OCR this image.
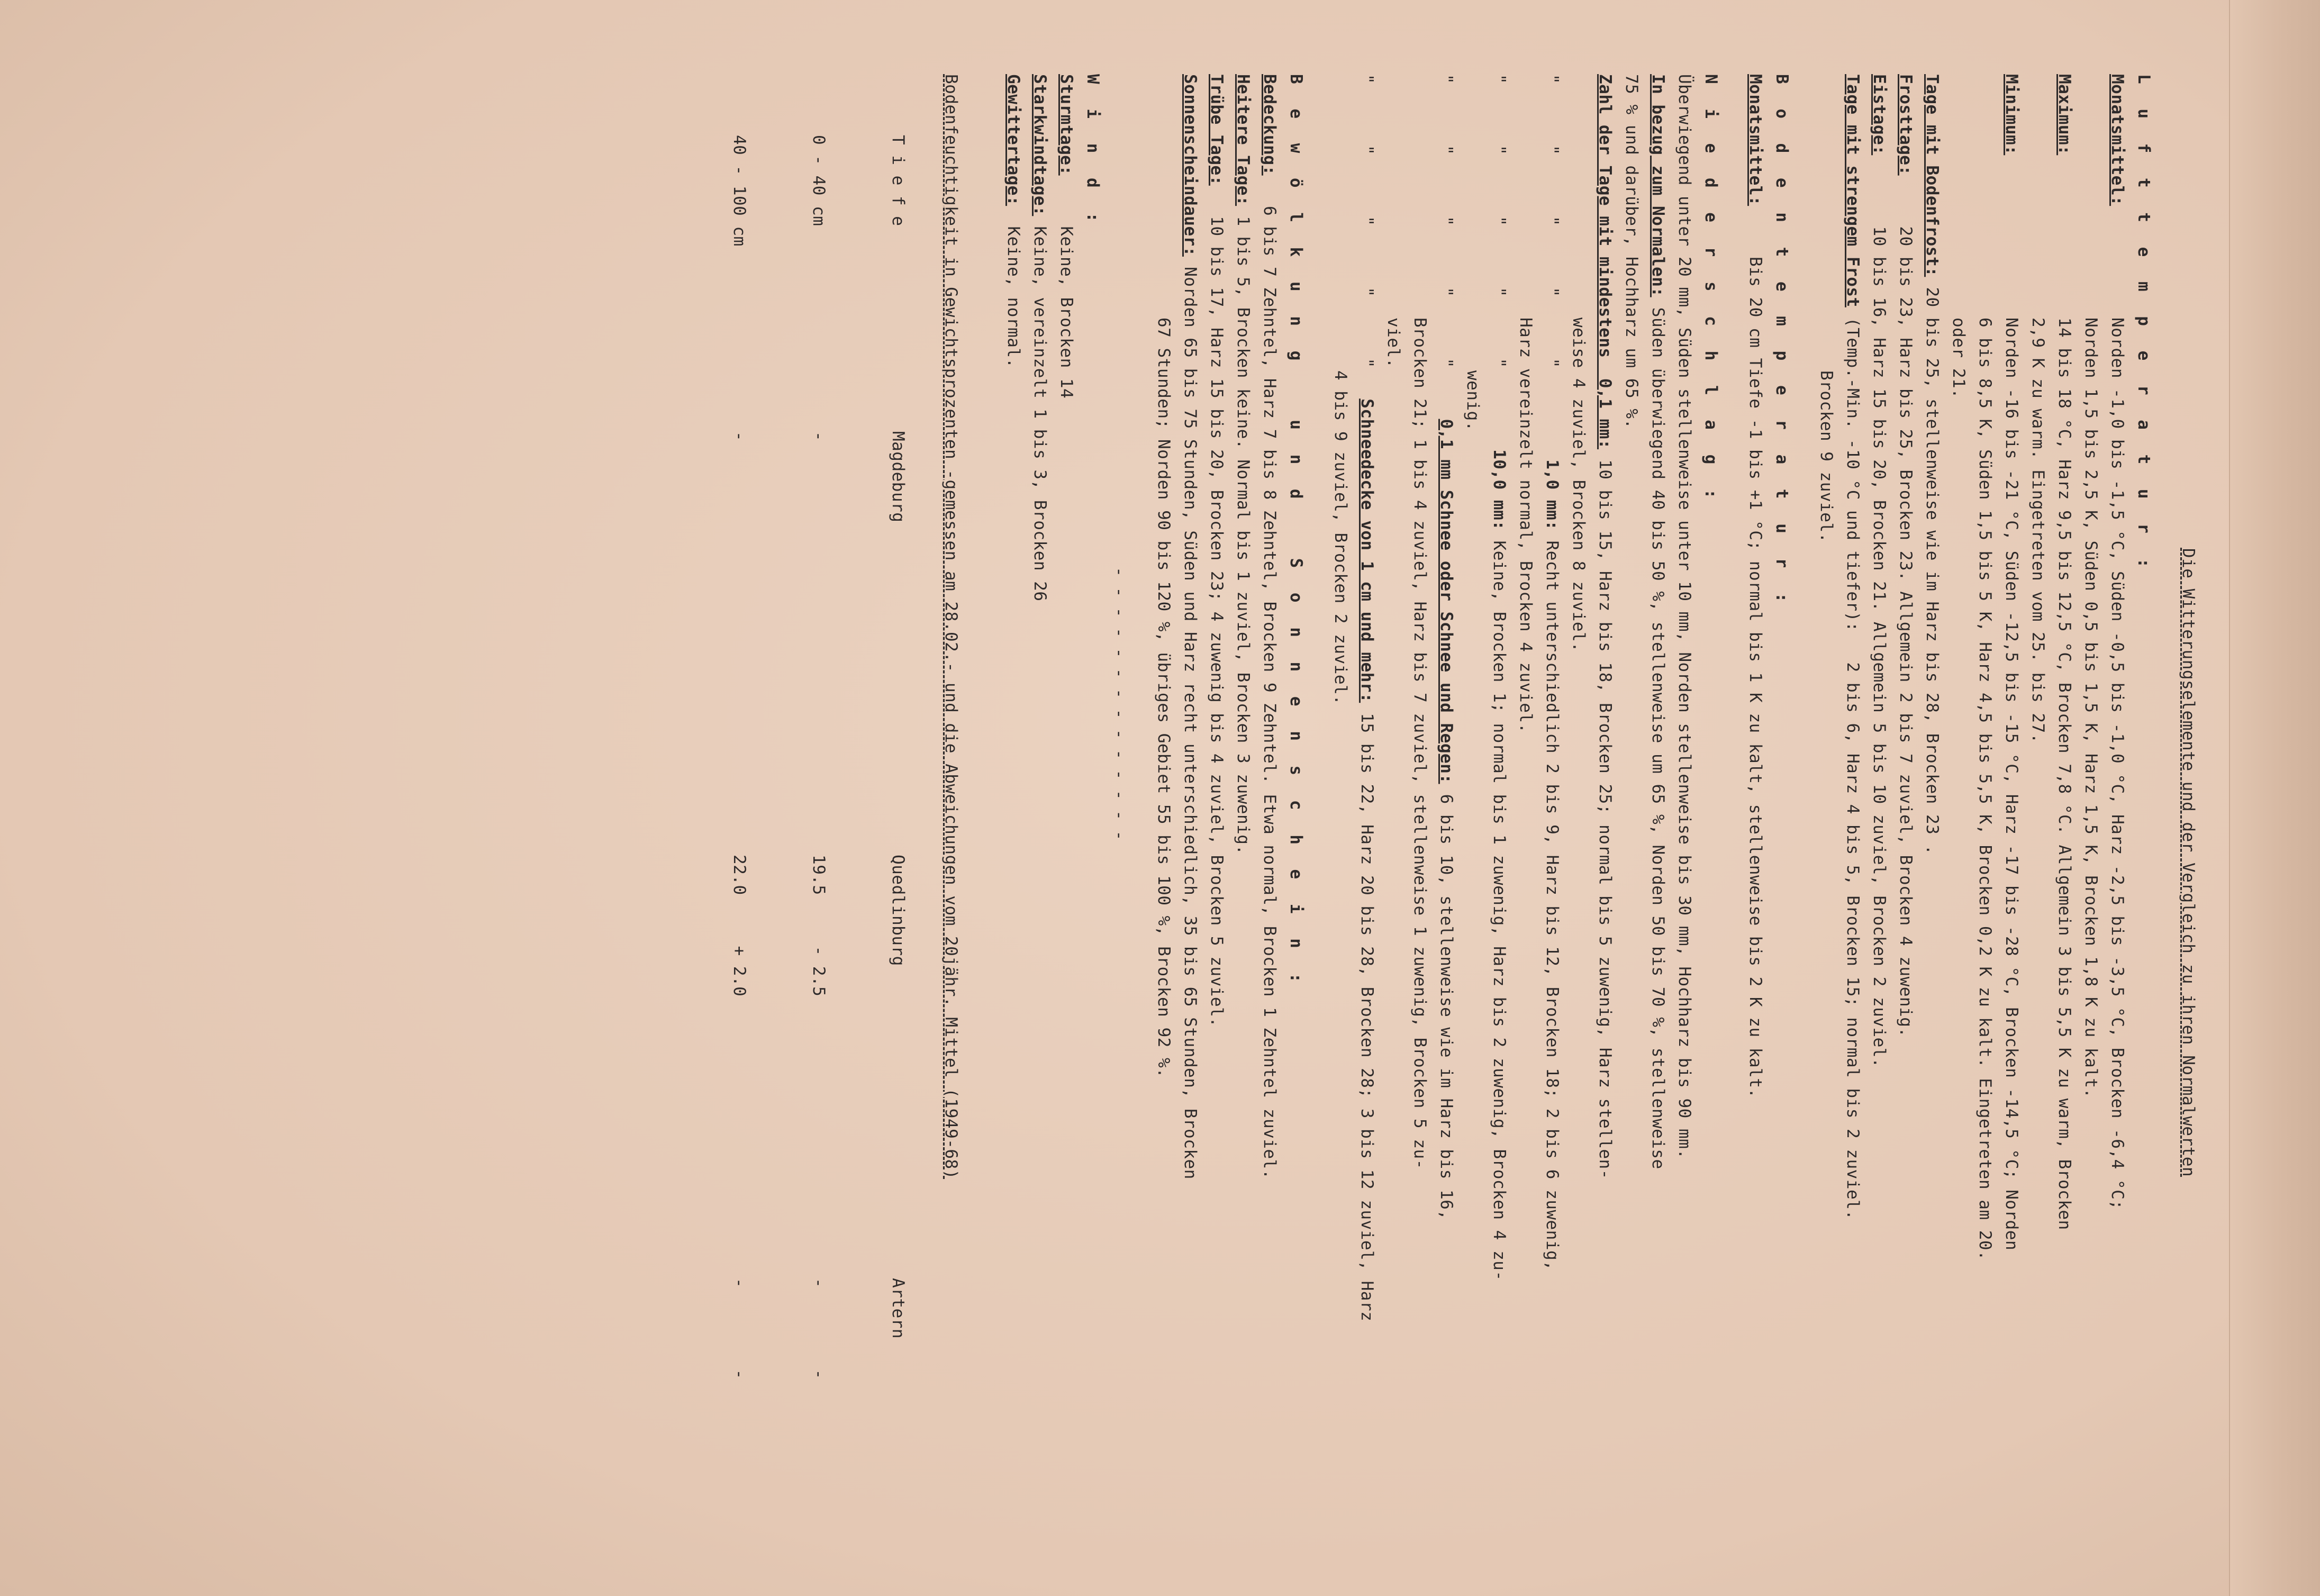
Die Witterungselemente und der Vergleich zu ihren Normalwerten
L u f t t e m p e r a t u r :
Monatsmittel:
Norden -1,0 bis -1,5 °C, Süden -0,5 bis -1,0 °C, Harz -2,5 bis -3,5 °C, Brocken -6,4 °C;
Norden 1,5 bis 2,5 K, Süden 0,5 bis 1,5 K, Harz 1,5 K, Brocken 1,8 K zu kalt.
Maximum:
14 bis 18 °C, Harz 9,5 bis 12,5 °C, Brocken 7,8 °C. Allgemein 3 bis 5,5 K zu warm, Brocken
2,9 K zu warm. Eingetreten vom 25. bis 27.
Minimum:
Norden -16 bis -21 °C, Süden -12,5 bis -15 °C, Harz -17 bis -28 °C, Brocken -14,5 °C; Norden
6 bis 8,5 K, Süden 1,5 bis 5 K, Harz 4,5 bis 5,5 K, Brocken 0,2 K zu kalt. Eingetreten am 20.
oder 21.
Tage mit Bodenfrost: 20 bis 25, stellenweise wie im Harz bis 28, Brocken 23 .
Frosttage:     20 bis 23, Harz bis 25, Brocken 23. Allgemein 2 bis 7 zuviel, Brocken 4 zuwenig.
Eistage:       10 bis 16, Harz 15 bis 20, Brocken 21. Allgemein 5 bis 10 zuviel, Brocken 2 zuviel.
Tage mit strengem Frost (Temp.-Min. -10 °C und tiefer):   2 bis 6, Harz 4 bis 5, Brocken 15; normal bis 2 zuviel.
Brocken 9 zuviel.
B o d e n t e m p e r a t u r :
Monatsmittel:     Bis 20 cm Tiefe -1 bis +1 °C; normal bis 1 K zu kalt, stellenweise bis 2 K zu kalt.
N i e d e r s c h l a g :
Überwiegend unter 20 mm, Süden stellenweise unter 10 mm, Norden stellenweise bis 30 mm, Hochharz bis 90 mm.
In bezug zum Normalen: Süden überwiegend 40 bis 50 %, stellenweise um 65 %, Norden 50 bis 70 %, stellenweise
75 % und darüber, Hochharz um 65 %.
Zahl der Tage mit mindestens  0,1 mm: 10 bis 15, Harz bis 18, Brocken 25; normal bis 5 zuwenig, Harz stellen-
weise 4 zuviel, Brocken 8 zuviel.
"      "      "      "      "         1,0 mm: Recht unterschiedlich 2 bis 9, Harz bis 12, Brocken 18; 2 bis 6 zuwenig,
Harz vereinzelt normal, Brocken 4 zuviel.
"      "      "      "      "        10,0 mm: Keine, Brocken 1; normal bis 1 zuwenig, Harz bis 2 zuwenig, Brocken 4 zu-
wenig.
"      "      "      "      "     0,1 mm Schnee oder Schnee und Regen: 6 bis 10, stellenweise wie im Harz bis 16,
Brocken 21; 1 bis 4 zuviel, Harz bis 7 zuviel, stellenweise 1 zuwenig, Brocken 5 zu-
viel.
"      "      "      "      "   Schneedecke von 1 cm und mehr: 15 bis 22, Harz 20 bis 28, Brocken 28; 3 bis 12 zuviel, Harz
4 bis 9 zuviel, Brocken 2 zuviel.
B e w ö l k u n g   u n d   S o n n e n s c h e i n :
Bedeckung:   6 bis 7 Zehntel, Harz 7 bis 8 Zehntel, Brocken 9 Zehntel. Etwa normal, Brocken 1 Zehntel zuviel.
Heitere Tage: 1 bis 5, Brocken keine. Normal bis 1 zuviel, Brocken 3 zuwenig.
Trübe Tage:   10 bis 17, Harz 15 bis 20, Brocken 23; 4 zuwenig bis 4 zuviel, Brocken 5 zuviel.
Sonnenscheindauer: Norden 65 bis 75 Stunden, Süden und Harz recht unterschiedlich, 35 bis 65 Stunden, Brocken
67 Stunden; Norden 90 bis 120 %, übriges Gebiet 55 bis 100 %, Brocken 92 %.
- - - - - - - - - - - - - -
W i n d :
Sturmtage:     Keine, Brocken 14
Starkwindtage: Keine, vereinzelt 1 bis 3, Brocken 26
Gewittertage:  Keine, normal.
Bodenfeuchtigkeit in Gewichtsprozenten -gemessen am 28.02.- und die Abweichungen vom 20jähr. Mittel (1949-68)

T i e f eMagdeburgQuedlinburgArtern

0 - 40 cm-19.5     - 2.5-        -

40 - 100 cm-22.0     + 2.0-        -
